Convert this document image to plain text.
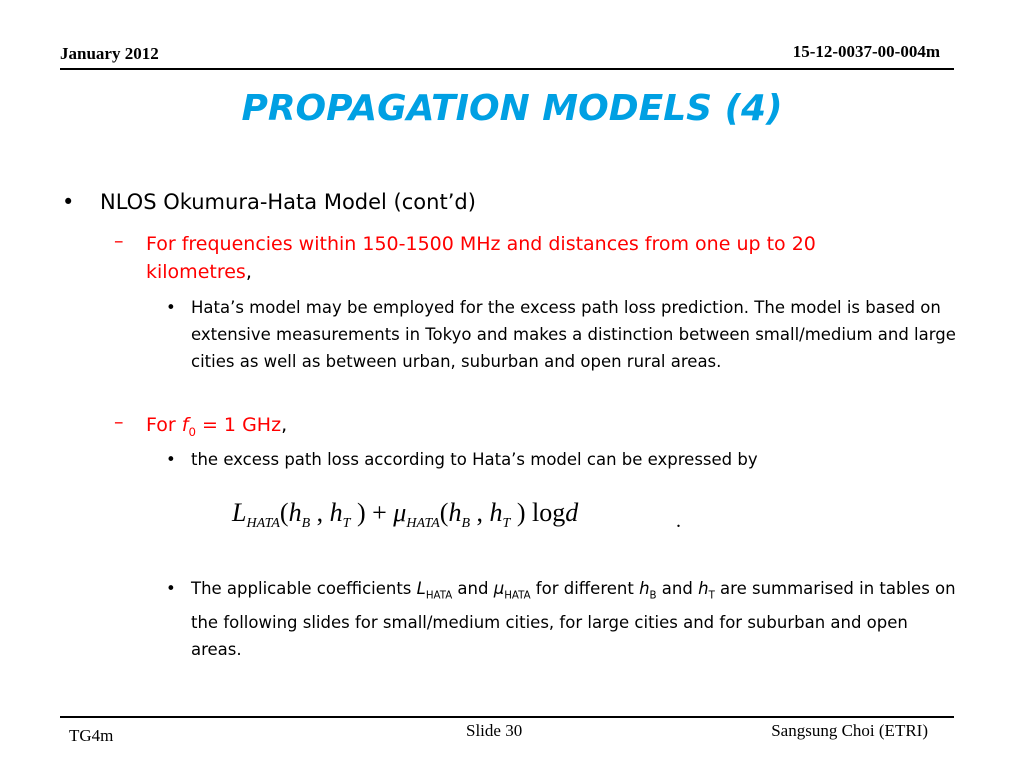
January 2012	15-12-0037-00-004m
PROPAGATION MODELS (4)
• NLOS Okumura-Hata Model (cont’d)
– For frequencies within 150-1500 MHz and distances from one up to 20 kilometres,
• Hata’s model may be employed for the excess path loss prediction. The model is based on extensive measurements in Tokyo and makes a distinction between small/medium and large cities as well as between urban, suburban and open rural areas.
– For $f_0 = 1$ GHz,
• the excess path loss according to Hata’s model can be expressed by
$L_{HATA}(h_B$ , $h_T$ ) + $\mu_{HATA}(h_B$ , $h_T$ ) logd	.
• The applicable coefficients $L_{HATA}$ and $\mu_{HATA}$ for different $h_B$ and $h_T$ are summarised in tables on the following slides for small/medium cities, for large cities and for suburban and open areas.
TG4m	Slide 30	Sangsung Choi (ETRI)
